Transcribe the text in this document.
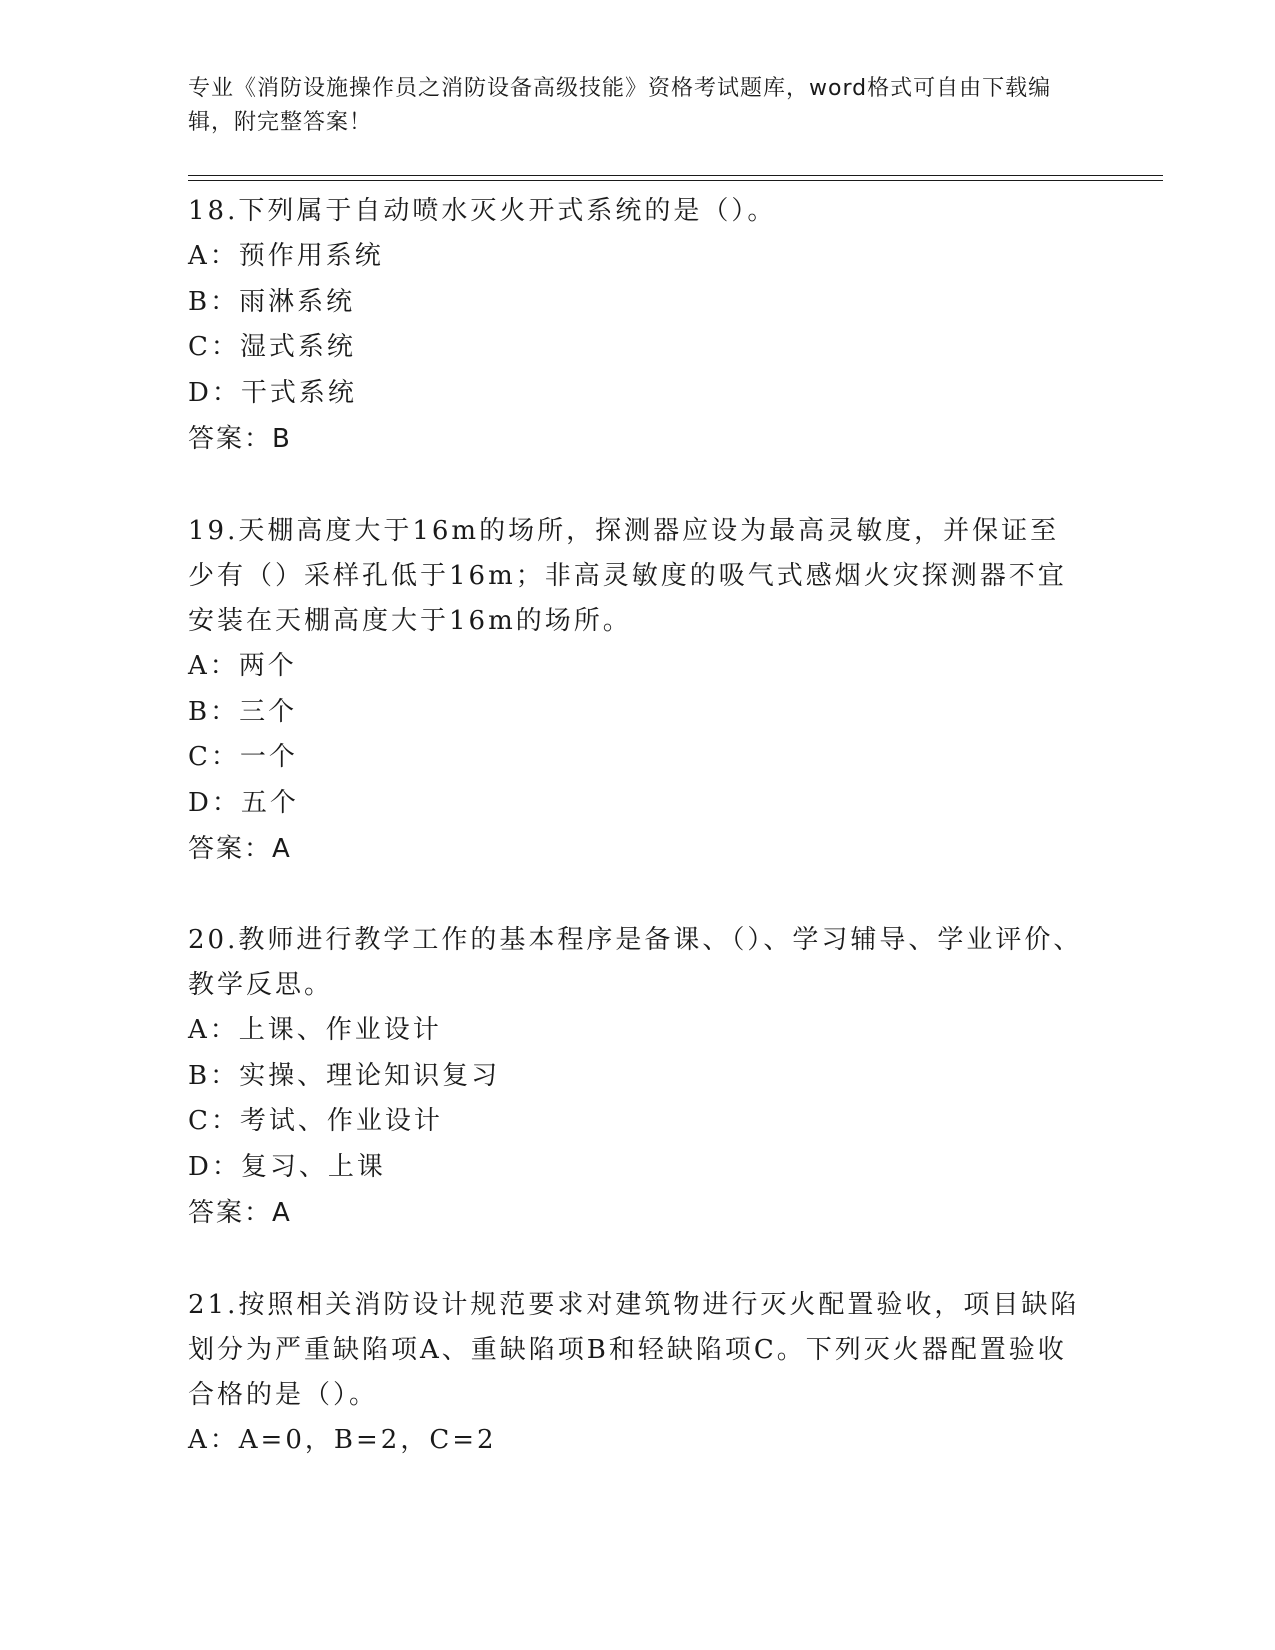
专业《消防设施操作员之消防设备高级技能》资格考试题库，word格式可自由下载编辑，附完整答案！
18.下列属于自动喷水灭火开式系统的是（）。
A：预作用系统
B：雨淋系统
C：湿式系统
D：干式系统
答案：B
19.天棚高度大于16m的场所，探测器应设为最高灵敏度，并保证至少有（）采样孔低于16m；非高灵敏度的吸气式感烟火灾探测器不宜安装在天棚高度大于16m的场所。
A：两个
B：三个
C：一个
D：五个
答案：A
20.教师进行教学工作的基本程序是备课、（）、学习辅导、学业评价、教学反思。
A：上课、作业设计
B：实操、理论知识复习
C：考试、作业设计
D：复习、上课
答案：A
21.按照相关消防设计规范要求对建筑物进行灭火配置验收，项目缺陷划分为严重缺陷项A、重缺陷项B和轻缺陷项C。下列灭火器配置验收合格的是（）。
A：A=0，B=2，C=2
